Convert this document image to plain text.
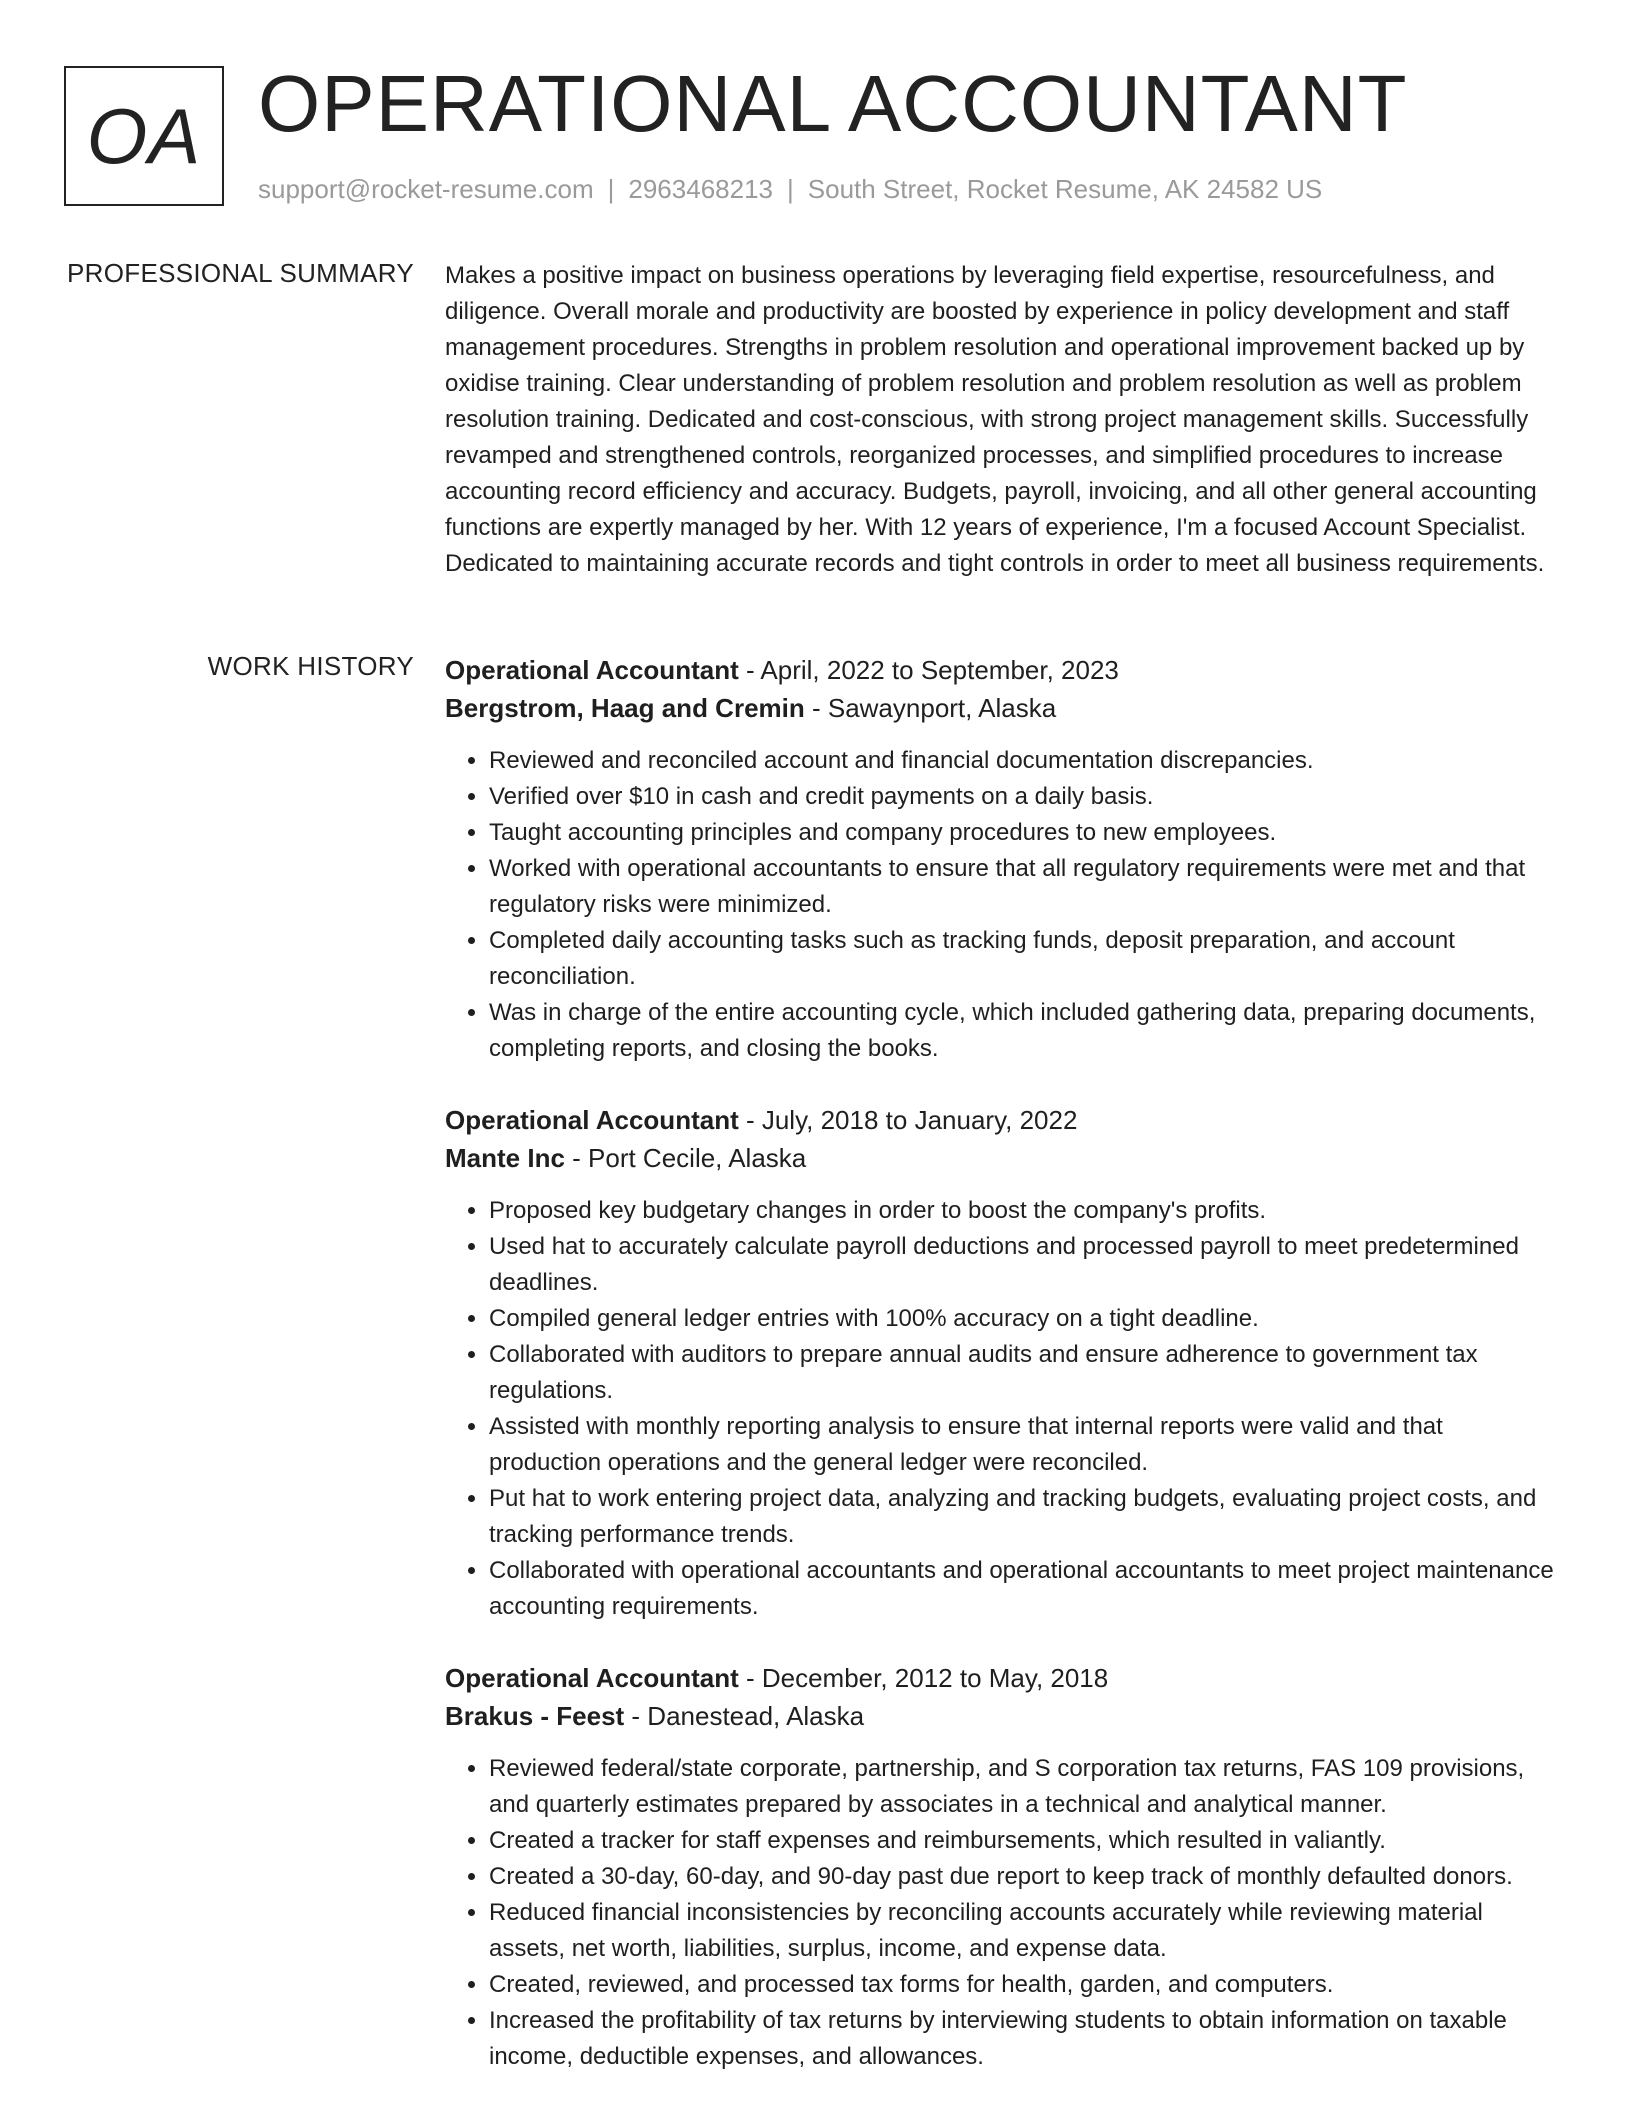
OA OPERATIONAL ACCOUNTANT
support@rocket-resume.com | 2963468213 | South Street, Rocket Resume, AK 24582 US
PROFESSIONAL SUMMARY Makes a positive impact on business operations by leveraging field expertise, resourcefulness, and diligence. Overall morale and productivity are boosted by experience in policy development and staff management procedures. Strengths in problem resolution and operational improvement backed up by oxidise training. Clear understanding of problem resolution and problem resolution as well as problem resolution training. Dedicated and cost-conscious, with strong project management skills. Successfully revamped and strengthened controls, reorganized processes, and simplified procedures to increase accounting record efficiency and accuracy. Budgets, payroll, invoicing, and all other general accounting functions are expertly managed by her. With 12 years of experience, I'm a focused Account Specialist. Dedicated to maintaining accurate records and tight controls in order to meet all business requirements.
WORK HISTORY Operational Accountant - April, 2022 to September, 2023
Bergstrom, Haag and Cremin - Sawaynport, Alaska
• Reviewed and reconciled account and financial documentation discrepancies.
• Verified over $10 in cash and credit payments on a daily basis.
• Taught accounting principles and company procedures to new employees.
• Worked with operational accountants to ensure that all regulatory requirements were met and that regulatory risks were minimized.
• Completed daily accounting tasks such as tracking funds, deposit preparation, and account reconciliation.
• Was in charge of the entire accounting cycle, which included gathering data, preparing documents, completing reports, and closing the books.
Operational Accountant - July, 2018 to January, 2022
Mante Inc - Port Cecile, Alaska
• Proposed key budgetary changes in order to boost the company's profits.
• Used hat to accurately calculate payroll deductions and processed payroll to meet predetermined deadlines.
• Compiled general ledger entries with 100% accuracy on a tight deadline.
• Collaborated with auditors to prepare annual audits and ensure adherence to government tax regulations.
• Assisted with monthly reporting analysis to ensure that internal reports were valid and that production operations and the general ledger were reconciled.
• Put hat to work entering project data, analyzing and tracking budgets, evaluating project costs, and tracking performance trends.
• Collaborated with operational accountants and operational accountants to meet project maintenance accounting requirements.
Operational Accountant - December, 2012 to May, 2018
Brakus - Feest - Danestead, Alaska
• Reviewed federal/state corporate, partnership, and S corporation tax returns, FAS 109 provisions, and quarterly estimates prepared by associates in a technical and analytical manner.
• Created a tracker for staff expenses and reimbursements, which resulted in valiantly.
• Created a 30-day, 60-day, and 90-day past due report to keep track of monthly defaulted donors.
• Reduced financial inconsistencies by reconciling accounts accurately while reviewing material assets, net worth, liabilities, surplus, income, and expense data.
• Created, reviewed, and processed tax forms for health, garden, and computers.
• Increased the profitability of tax returns by interviewing students to obtain information on taxable income, deductible expenses, and allowances.
